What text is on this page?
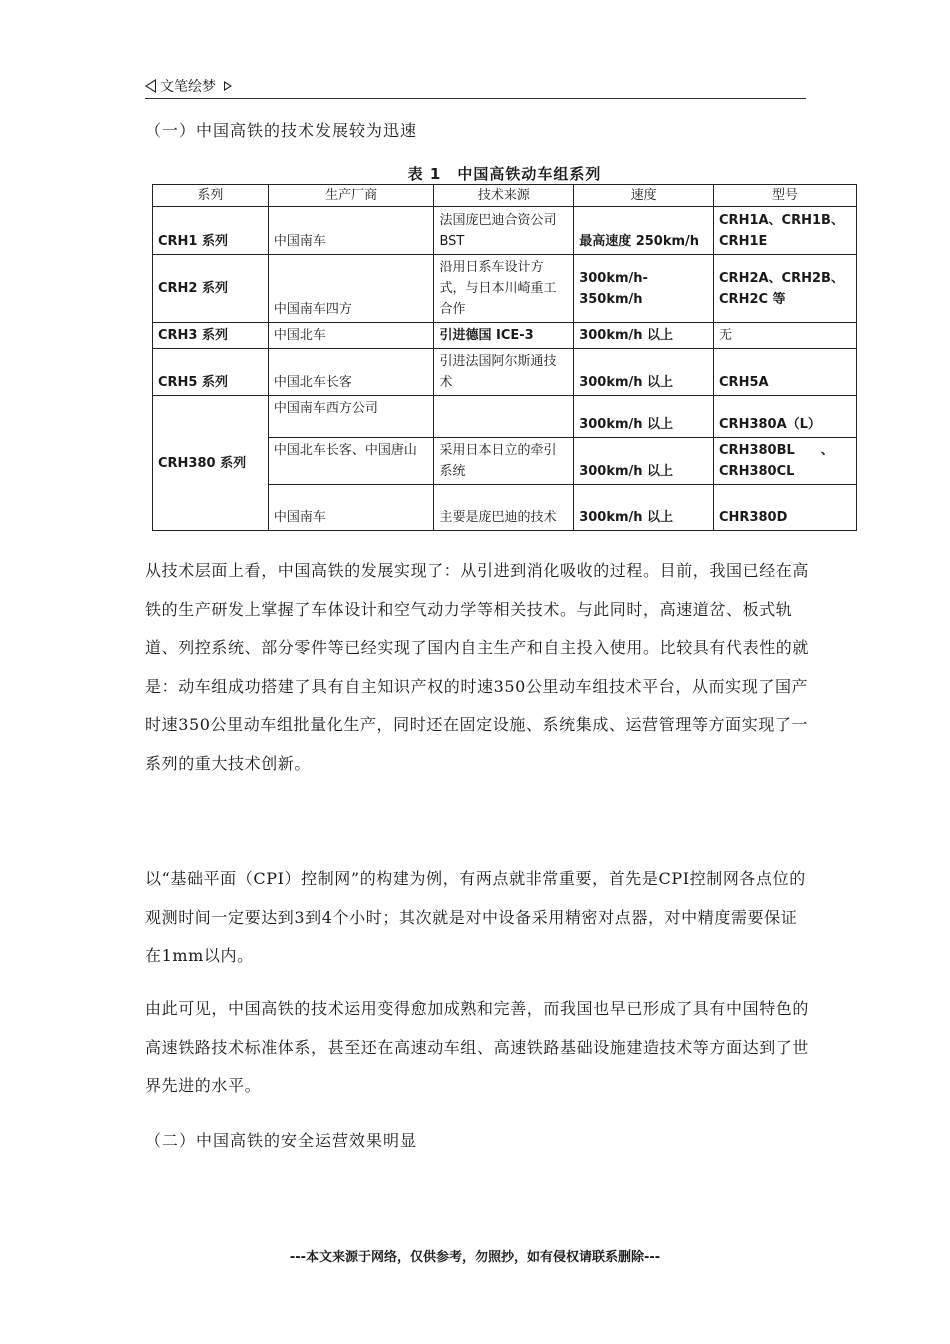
文笔绘梦
（一）中国高铁的技术发展较为迅速
表 1　中国高铁动车组系列
系列	生产厂商	技术来源	速度	型号
CRH1 系列	中国南车	法国庞巴迪合资公司 BST	最高速度 250km/h	CRH1A、CRH1B、CRH1E
CRH2 系列	中国南车四方	沿用日系车设计方式，与日本川崎重工合作	300km/h-350km/h	CRH2A、CRH2B、CRH2C 等
CRH3 系列	中国北车	引进德国 ICE-3	300km/h 以上	无
CRH5 系列	中国北车长客	引进法国阿尔斯通技术	300km/h 以上	CRH5A
CRH380 系列	中国南车西方公司		300km/h 以上	CRH380A（L）
	中国北车长客、中国唐山	采用日本日立的牵引系统	300km/h 以上	CRH380BL　　、CRH380CL
	中国南车	主要是庞巴迪的技术	300km/h 以上	CHR380D

从技术层面上看，中国高铁的发展实现了：从引进到消化吸收的过程。目前，我国已经在高铁的生产研发上掌握了车体设计和空气动力学等相关技术。与此同时，高速道岔、板式轨道、列控系统、部分零件等已经实现了国内自主生产和自主投入使用。比较具有代表性的就是：动车组成功搭建了具有自主知识产权的时速350公里动车组技术平台，从而实现了国产时速350公里动车组批量化生产，同时还在固定设施、系统集成、运营管理等方面实现了一系列的重大技术创新。

以“基础平面（CPI）控制网”的构建为例，有两点就非常重要，首先是CPI控制网各点位的观测时间一定要达到3到4个小时；其次就是对中设备采用精密对点器，对中精度需要保证在1mm以内。

由此可见，中国高铁的技术运用变得愈加成熟和完善，而我国也早已形成了具有中国特色的高速铁路技术标准体系，甚至还在高速动车组、高速铁路基础设施建造技术等方面达到了世界先进的水平。

（二）中国高铁的安全运营效果明显
---本文来源于网络，仅供参考，勿照抄，如有侵权请联系删除---
